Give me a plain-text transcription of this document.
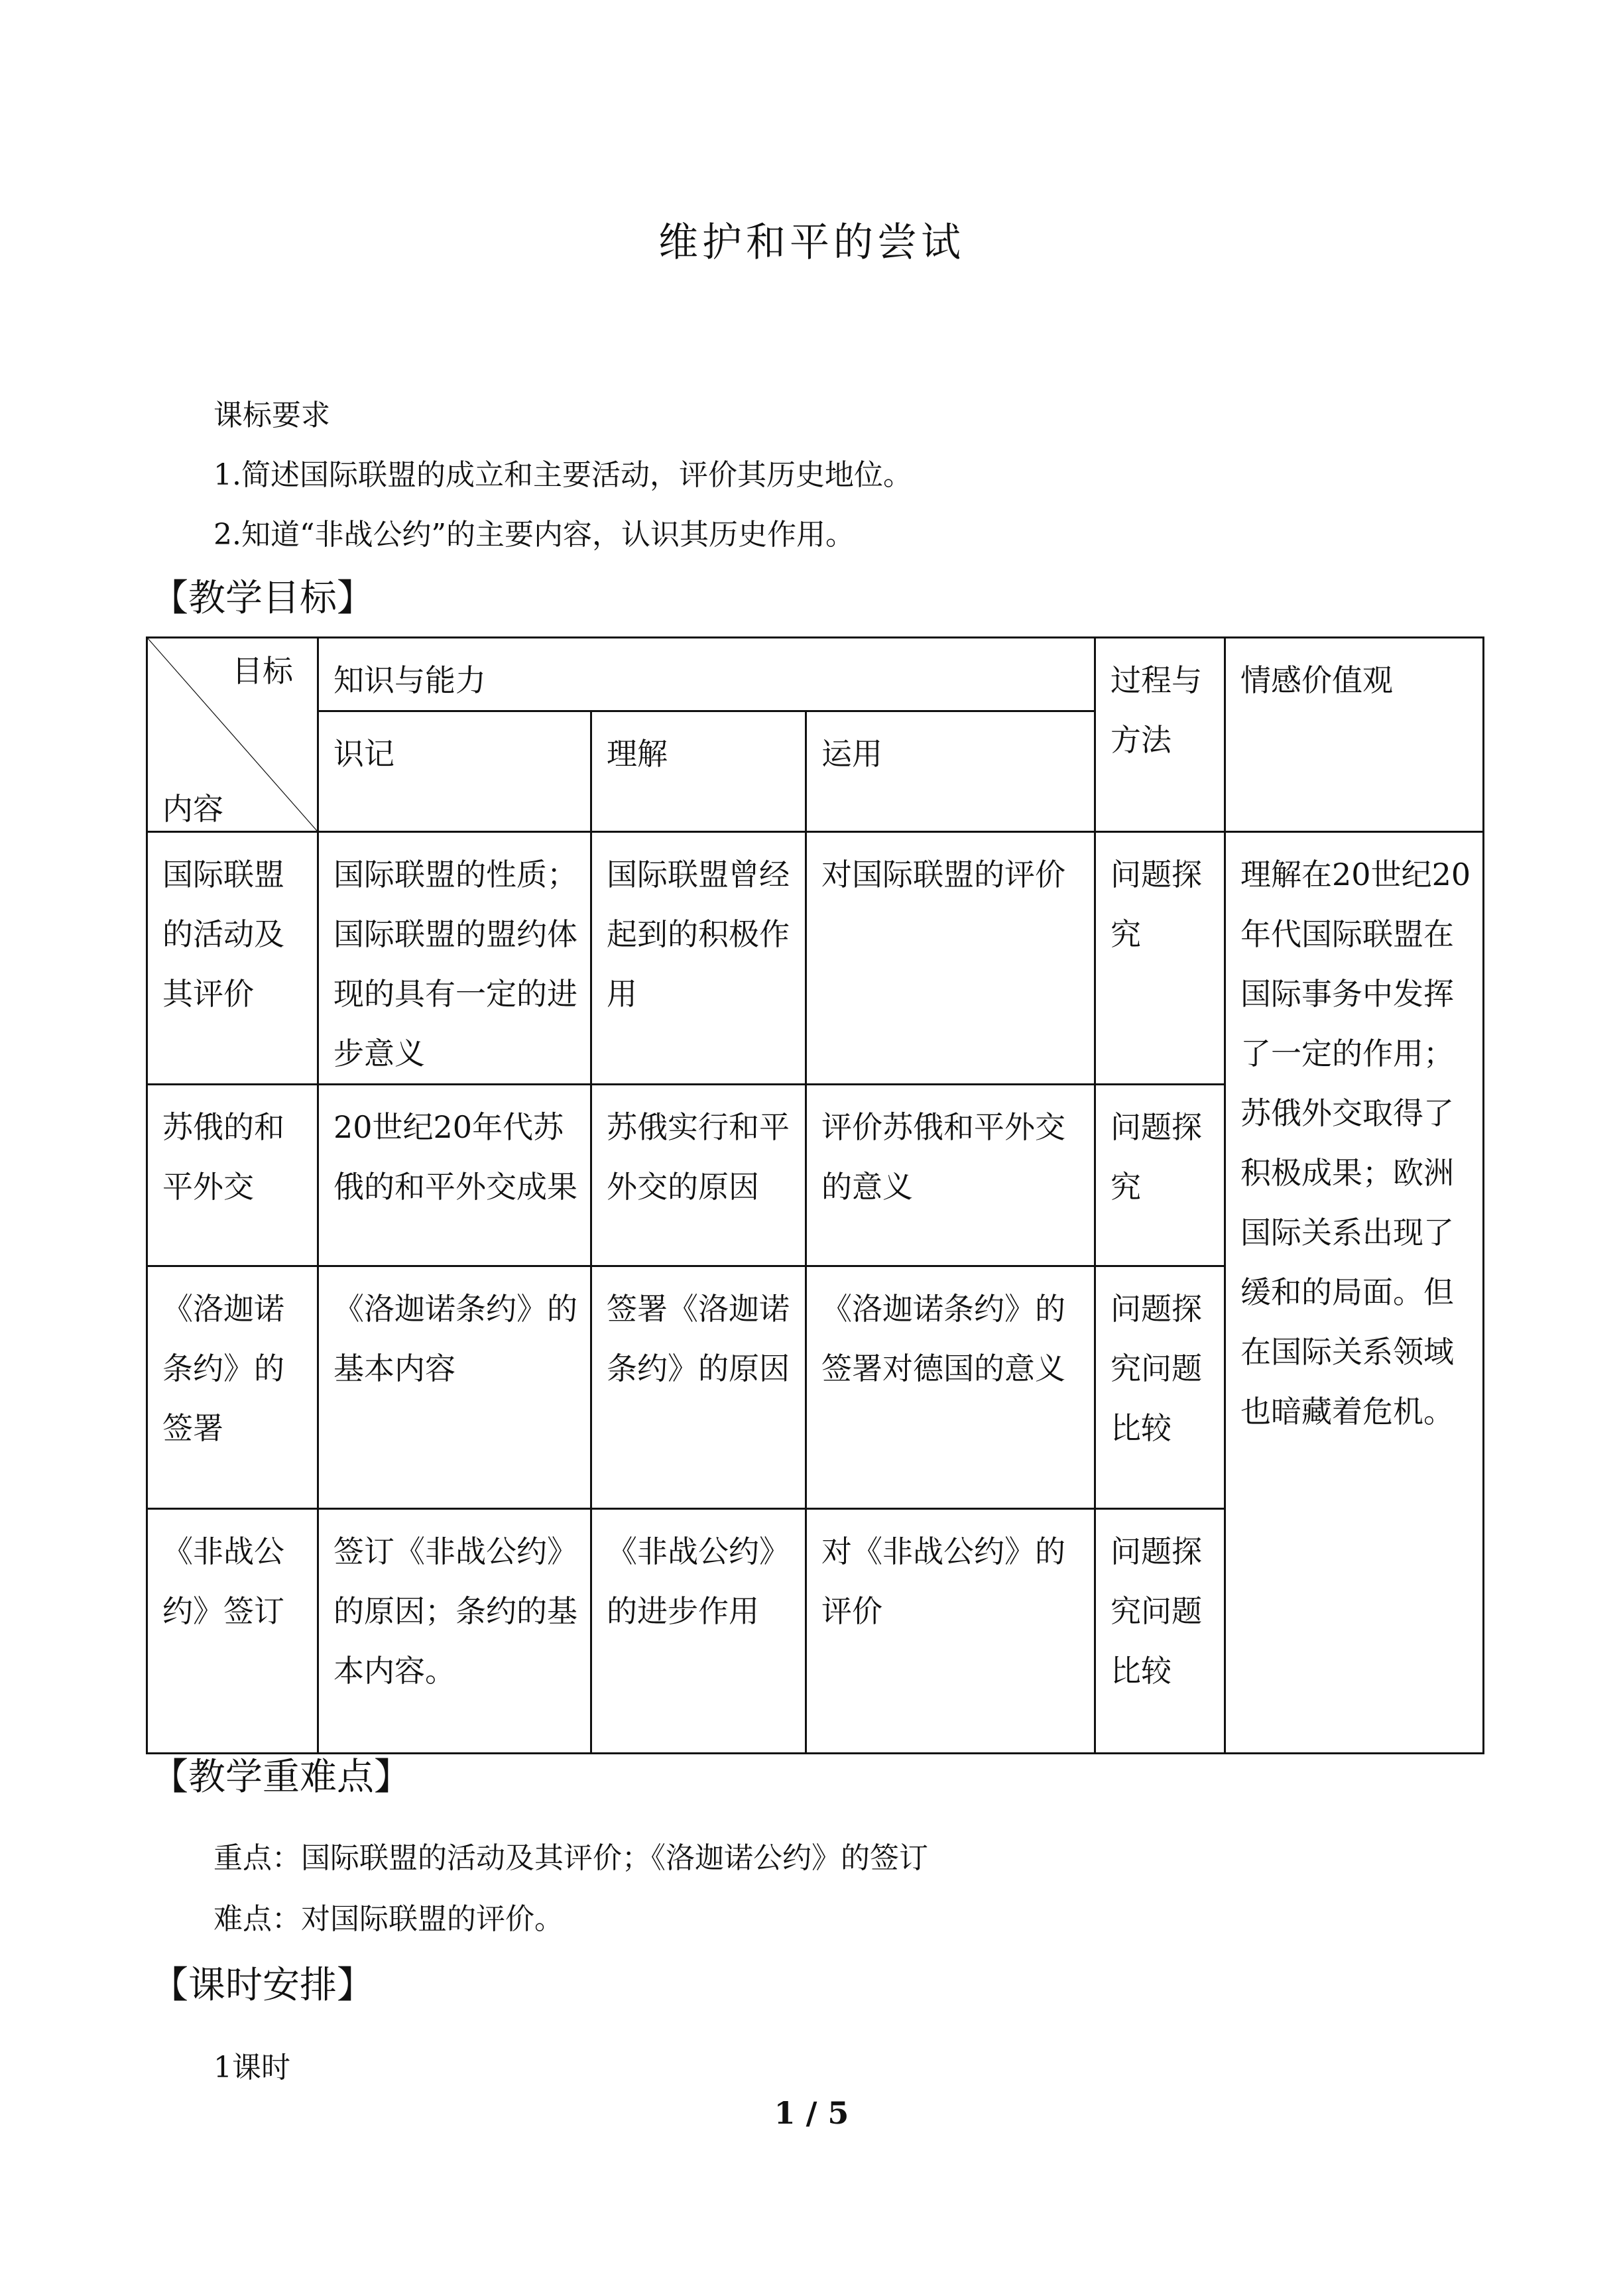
维护和平的尝试
课标要求
1.简述国际联盟的成立和主要活动，评价其历史地位。
2.知道“非战公约”的主要内容，认识其历史作用。
【教学目标】
目标
内容	知识与能力			过程与方法	情感价值观
	识记	理解	运用		
国际联盟的活动及其评价	国际联盟的性质；国际联盟的盟约体现的具有一定的进步意义	国际联盟曾经起到的积极作用	对国际联盟的评价	问题探究	理解在20世纪20年代国际联盟在国际事务中发挥了一定的作用；苏俄外交取得了积极成果；欧洲国际关系出现了缓和的局面。但在国际关系领域也暗藏着危机。
苏俄的和平外交	20世纪20年代苏俄的和平外交成果	苏俄实行和平外交的原因	评价苏俄和平外交的意义	问题探究	
《洛迦诺条约》的签署	《洛迦诺条约》的基本内容	签署《洛迦诺条约》的原因	《洛迦诺条约》的签署对德国的意义	问题探究问题比较	
《非战公约》签订	签订《非战公约》的原因；条约的基本内容。	《非战公约》的进步作用	对《非战公约》的评价	问题探究问题比较	
【教学重难点】
重点：国际联盟的活动及其评价；《洛迦诺公约》的签订
难点：对国际联盟的评价。
【课时安排】
1课时
1 / 5
